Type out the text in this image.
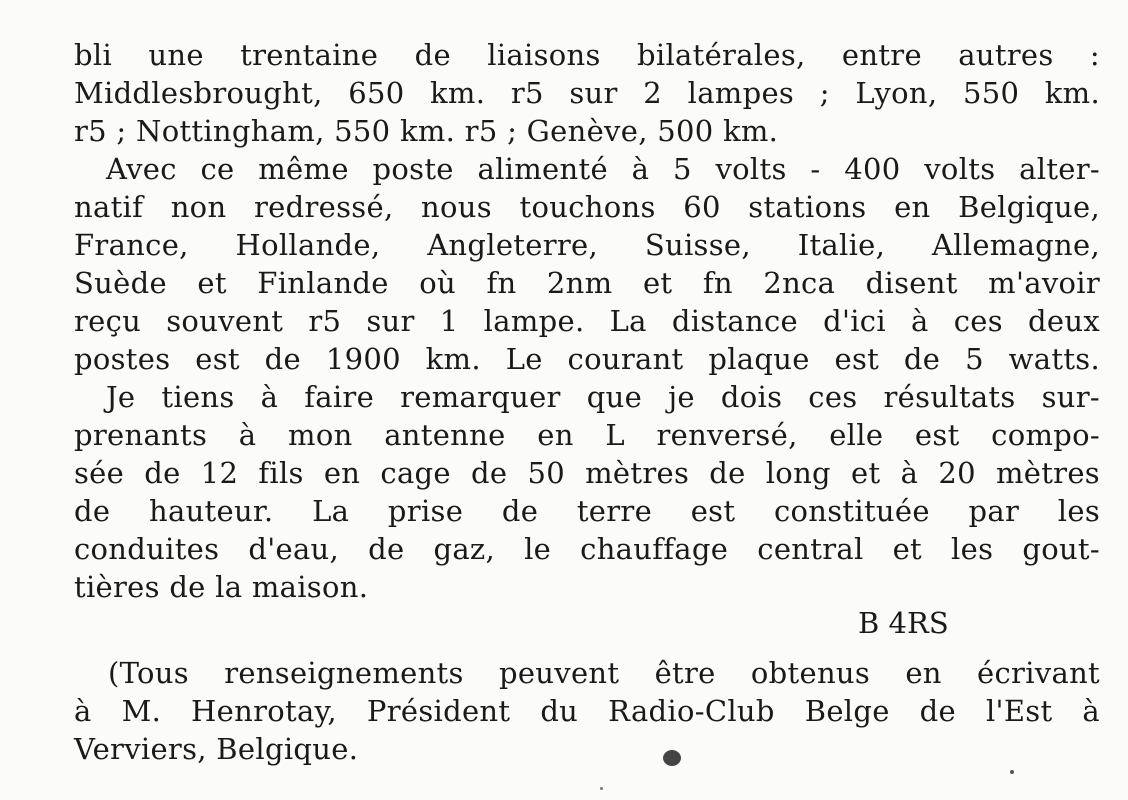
bli une trentaine de liaisons bilatérales, entre autres :
Middlesbrought, 650 km. r5 sur 2 lampes ; Lyon, 550 km.
r5 ; Nottingham, 550 km. r5 ; Genève, 500 km.
Avec ce même poste alimenté à 5 volts - 400 volts alter-
natif non redressé, nous touchons 60 stations en Belgique,
France, Hollande, Angleterre, Suisse, Italie, Allemagne,
Suède et Finlande où fn 2nm et fn 2nca disent m'avoir
reçu souvent r5 sur 1 lampe. La distance d'ici à ces deux
postes est de 1900 km. Le courant plaque est de 5 watts.
Je tiens à faire remarquer que je dois ces résultats sur-
prenants à mon antenne en L renversé, elle est compo-
sée de 12 fils en cage de 50 mètres de long et à 20 mètres
de hauteur. La prise de terre est constituée par les
conduites d'eau, de gaz, le chauffage central et les gout-
tières de la maison.
B 4RS
(Tous renseignements peuvent être obtenus en écrivant
à M. Henrotay, Président du Radio-Club Belge de l'Est à
Verviers, Belgique.
